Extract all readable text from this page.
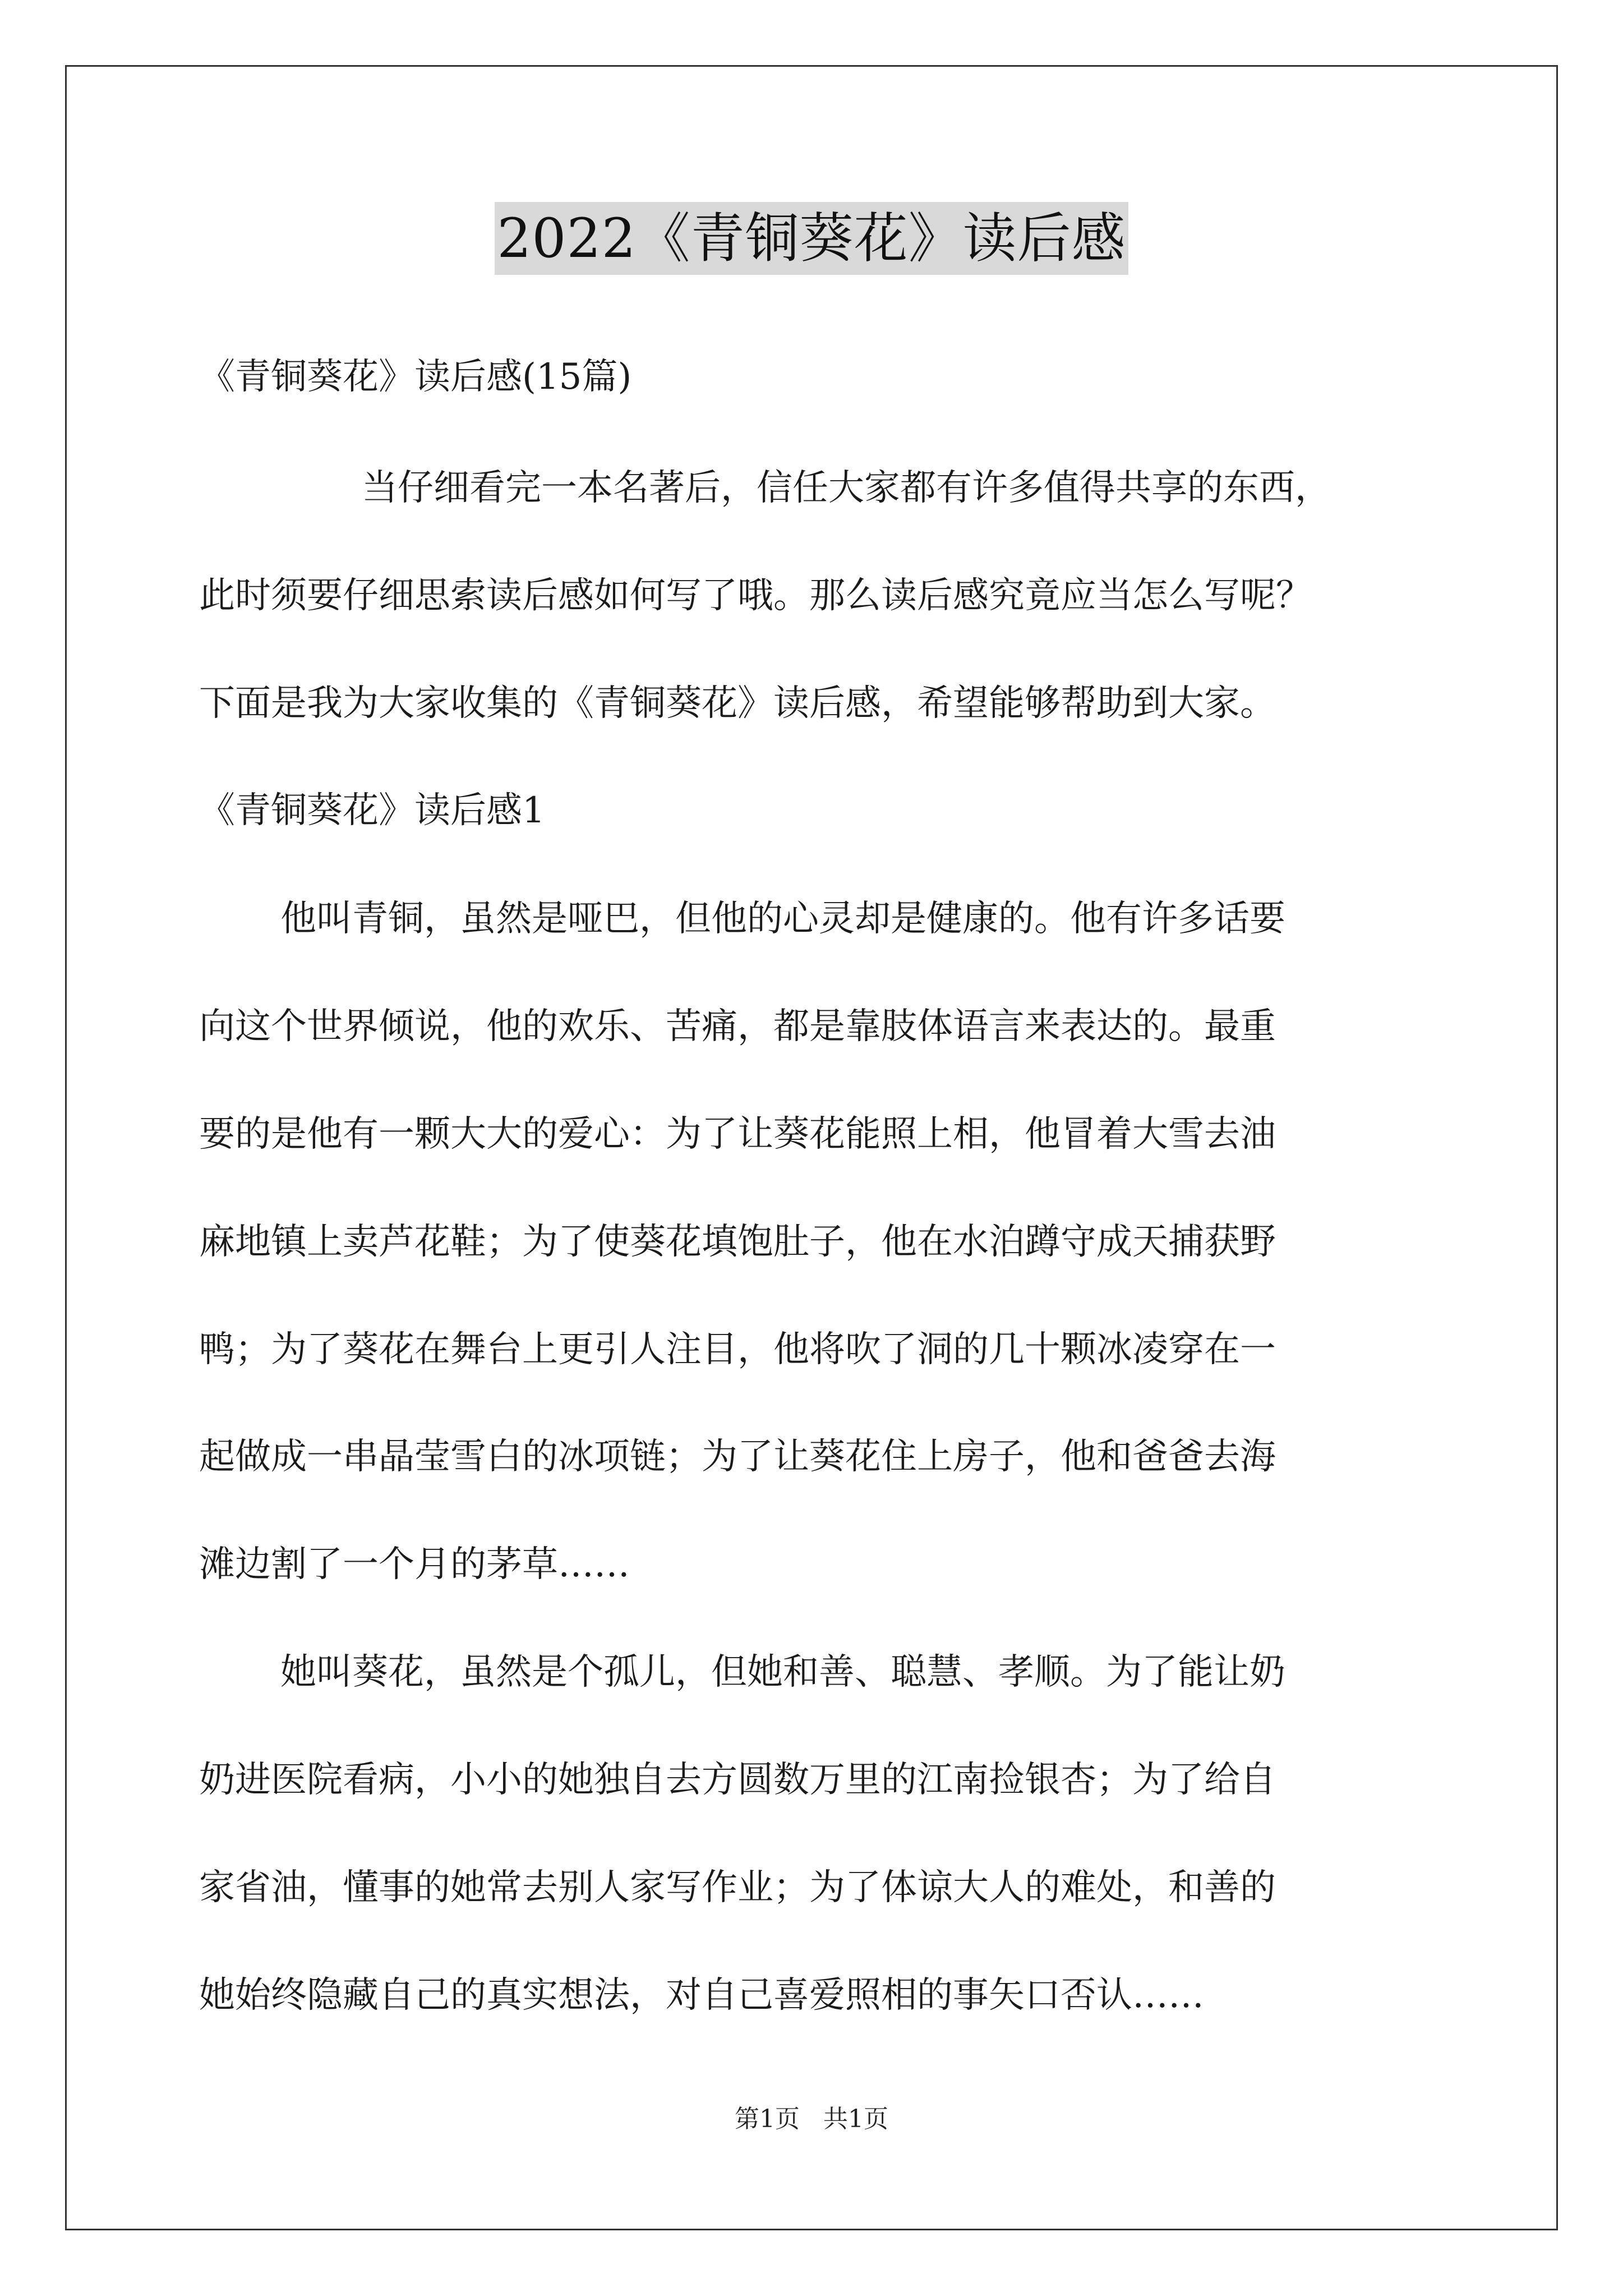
2022《青铜葵花》读后感
《青铜葵花》读后感(15篇)
当仔细看完一本名著后，信任大家都有许多值得共享的东西，
此时须要仔细思索读后感如何写了哦。那么读后感究竟应当怎么写呢？
下面是我为大家收集的《青铜葵花》读后感，希望能够帮助到大家。
《青铜葵花》读后感1
他叫青铜，虽然是哑巴，但他的心灵却是健康的。他有许多话要
向这个世界倾说，他的欢乐、苦痛，都是靠肢体语言来表达的。最重
要的是他有一颗大大的爱心：为了让葵花能照上相，他冒着大雪去油
麻地镇上卖芦花鞋；为了使葵花填饱肚子，他在水泊蹲守成天捕获野
鸭；为了葵花在舞台上更引人注目，他将吹了洞的几十颗冰凌穿在一
起做成一串晶莹雪白的冰项链；为了让葵花住上房子，他和爸爸去海
滩边割了一个月的茅草……
她叫葵花，虽然是个孤儿，但她和善、聪慧、孝顺。为了能让奶
奶进医院看病，小小的她独自去方圆数万里的江南捡银杏；为了给自
家省油，懂事的她常去别人家写作业；为了体谅大人的难处，和善的
她始终隐藏自己的真实想法，对自己喜爱照相的事矢口否认……
第1页 共1页
